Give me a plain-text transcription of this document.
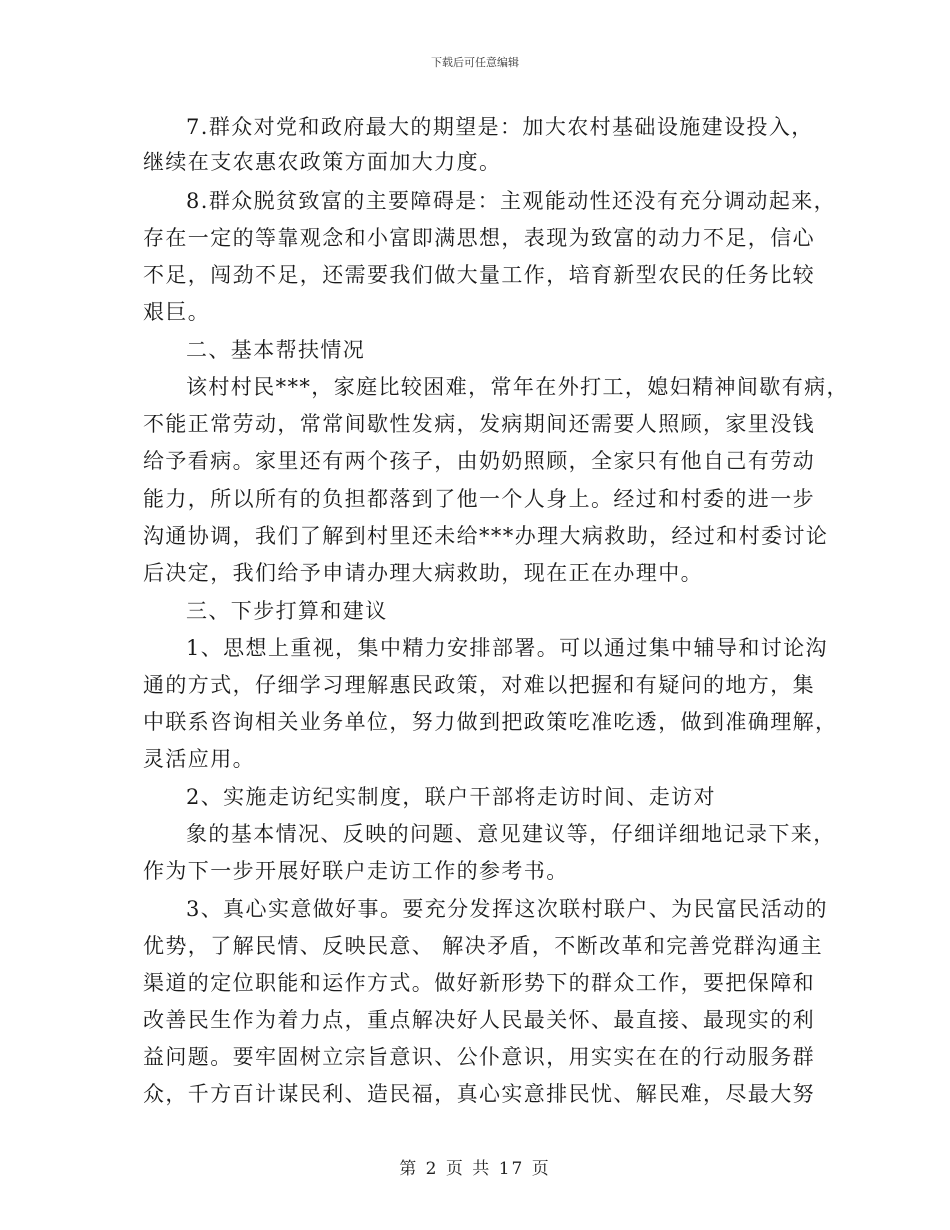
下载后可任意编辑
7.群众对党和政府最大的期望是：加大农村基础设施建设投入，
继续在支农惠农政策方面加大力度。
8.群众脱贫致富的主要障碍是：主观能动性还没有充分调动起来，
存在一定的等靠观念和小富即满思想，表现为致富的动力不足，信心
不足，闯劲不足，还需要我们做大量工作，培育新型农民的任务比较
艰巨。
二、基本帮扶情况
该村村民***，家庭比较困难，常年在外打工，媳妇精神间歇有病，
不能正常劳动，常常间歇性发病，发病期间还需要人照顾，家里没钱
给予看病。家里还有两个孩子，由奶奶照顾，全家只有他自己有劳动
能力，所以所有的负担都落到了他一个人身上。经过和村委的进一步
沟通协调，我们了解到村里还未给***办理大病救助，经过和村委讨论
后决定，我们给予申请办理大病救助，现在正在办理中。
三、下步打算和建议
1、思想上重视，集中精力安排部署。可以通过集中辅导和讨论沟
通的方式，仔细学习理解惠民政策，对难以把握和有疑问的地方，集
中联系咨询相关业务单位，努力做到把政策吃准吃透，做到准确理解，
灵活应用。
2、实施走访纪实制度，联户干部将走访时间、走访对
象的基本情况、反映的问题、意见建议等，仔细详细地记录下来，
作为下一步开展好联户走访工作的参考书。
3、真心实意做好事。要充分发挥这次联村联户、为民富民活动的
优势，了解民情、反映民意、 解决矛盾，不断改革和完善党群沟通主
渠道的定位职能和运作方式。做好新形势下的群众工作，要把保障和
改善民生作为着力点，重点解决好人民最关怀、最直接、最现实的利
益问题。要牢固树立宗旨意识、公仆意识，用实实在在的行动服务群
众，千方百计谋民利、造民福，真心实意排民忧、解民难，尽最大努
第 2 页 共 17 页
